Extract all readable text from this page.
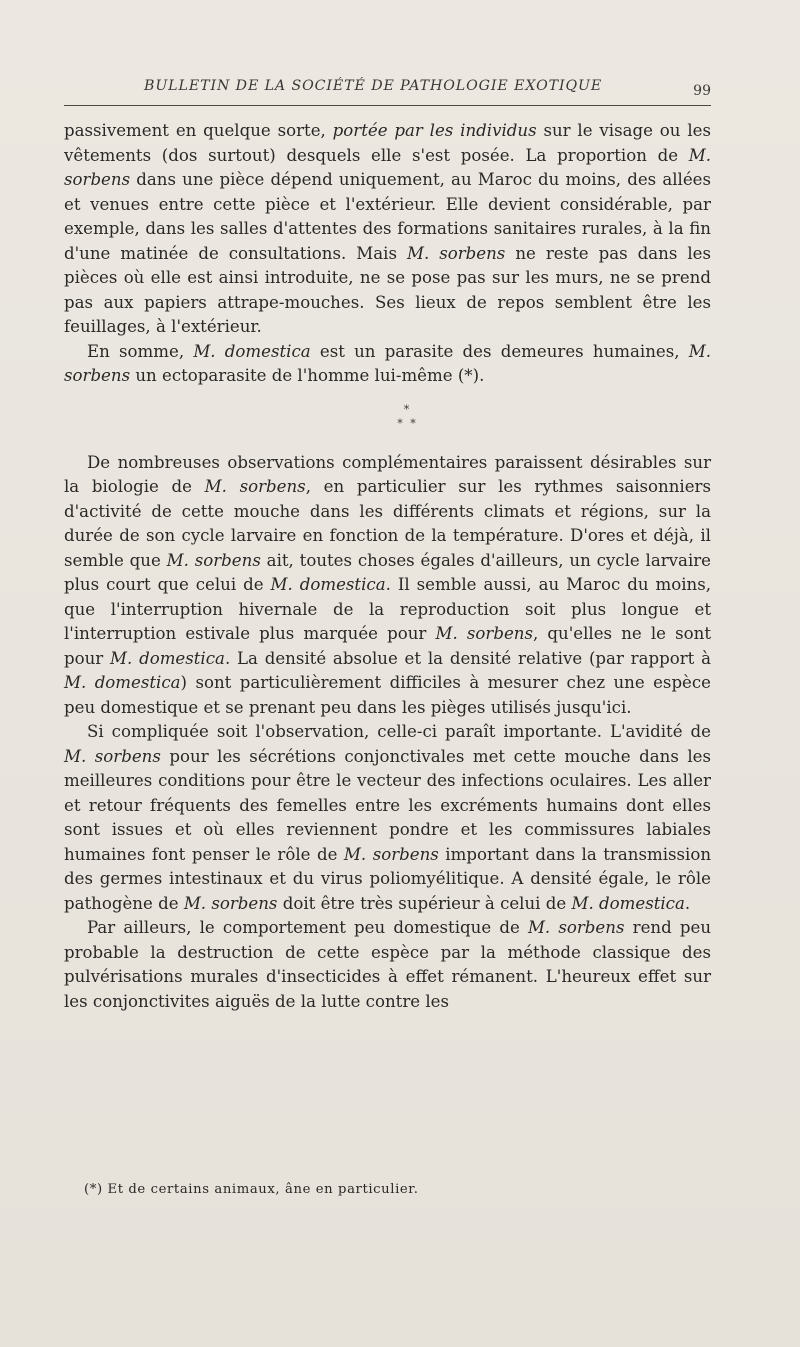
BULLETIN DE LA SOCIÉTÉ DE PATHOLOGIE EXOTIQUE	99

passivement en quelque sorte, portée par les individus sur le visage ou les vêtements (dos surtout) desquels elle s'est posée. La proportion de M. sorbens dans une pièce dépend uniquement, au Maroc du moins, des allées et venues entre cette pièce et l'extérieur. Elle devient considérable, par exemple, dans les salles d'attentes des formations sanitaires rurales, à la fin d'une matinée de consultations. Mais M. sorbens ne reste pas dans les pièces où elle est ainsi introduite, ne se pose pas sur les murs, ne se prend pas aux papiers attrape-mouches. Ses lieux de repos semblent être les feuillages, à l'extérieur.

En somme, M. domestica est un parasite des demeures humaines, M. sorbens un ectoparasite de l'homme lui-même (*).

*
* *

De nombreuses observations complémentaires paraissent désirables sur la biologie de M. sorbens, en particulier sur les rythmes saisonniers d'activité de cette mouche dans les différents climats et régions, sur la durée de son cycle larvaire en fonction de la température. D'ores et déjà, il semble que M. sorbens ait, toutes choses égales d'ailleurs, un cycle larvaire plus court que celui de M. domestica. Il semble aussi, au Maroc du moins, que l'interruption hivernale de la reproduction soit plus longue et l'interruption estivale plus marquée pour M. sorbens, qu'elles ne le sont pour M. domestica. La densité absolue et la densité relative (par rapport à M. domestica) sont particulièrement difficiles à mesurer chez une espèce peu domestique et se prenant peu dans les pièges utilisés jusqu'ici.

Si compliquée soit l'observation, celle-ci paraît importante. L'avidité de M. sorbens pour les sécrétions conjonctivales met cette mouche dans les meilleures conditions pour être le vecteur des infections oculaires. Les aller et retour fréquents des femelles entre les excréments humains dont elles sont issues et où elles reviennent pondre et les commissures labiales humaines font penser le rôle de M. sorbens important dans la transmission des germes intestinaux et du virus poliomyélitique. A densité égale, le rôle pathogène de M. sorbens doit être très supérieur à celui de M. domestica.

Par ailleurs, le comportement peu domestique de M. sorbens rend peu probable la destruction de cette espèce par la méthode classique des pulvérisations murales d'insecticides à effet rémanent. L'heureux effet sur les conjonctivites aiguës de la lutte contre les

(*) Et de certains animaux, âne en particulier.
